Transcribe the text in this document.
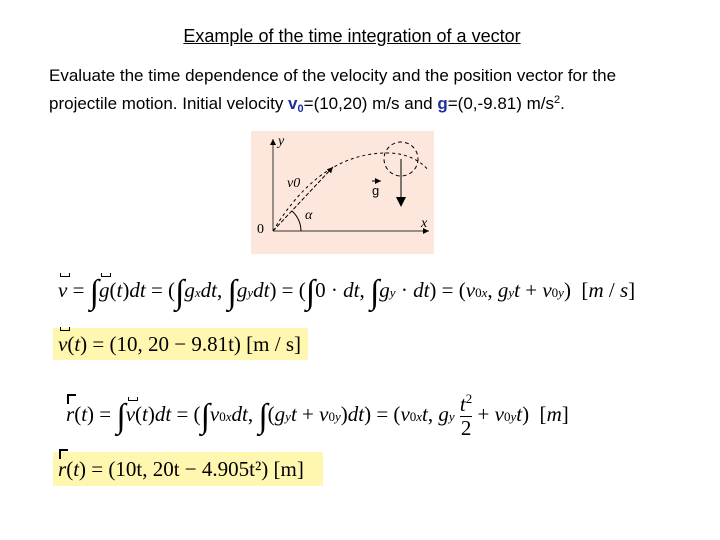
Example of the time integration of a vector
Evaluate the time dependence of the velocity and the position vector for the
projectile motion. Initial velocity $v_0=(10,20)$ m/s and g=(0,-9.81) $m/s^2$.
y
x
0
v0
α
g
v = ∫g(t)dt = (∫gxdt, ∫gydt) = (∫0 · dt, ∫gy · dt) = (v0x, gyt + v0y)  [m / s]
v(t) = (10, 20 − 9.81t) [m / s]
r(t) = ∫v(t)dt = (∫v0xdt, ∫(gyt + v0y)dt) = (v0xt, gy $\frac{t^2}{2} + v0yt$)  [m]
r(t) = (10t, 20t − 4.905t²) [m]
